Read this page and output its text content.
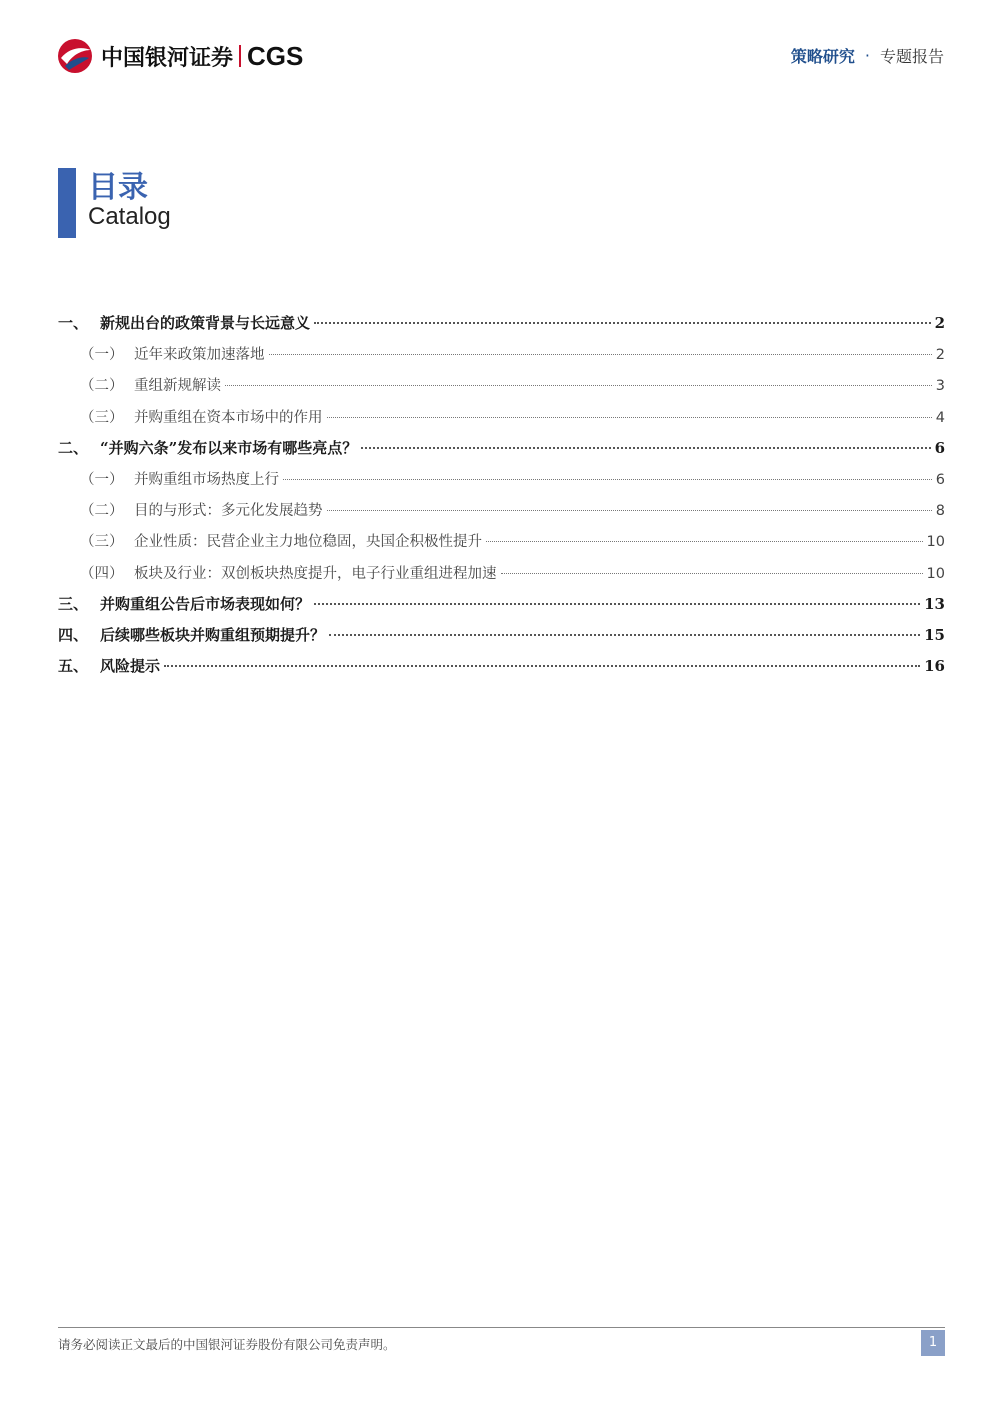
中国银河证券 CGS	策略研究 · 专题报告
目录
Catalog
一、 新规出台的政策背景与长远意义	2
（一） 近年来政策加速落地	2
（二） 重组新规解读	3
（三） 并购重组在资本市场中的作用	4
二、 “并购六条”发布以来市场有哪些亮点？	6
（一） 并购重组市场热度上行	6
（二） 目的与形式：多元化发展趋势	8
（三） 企业性质：民营企业主力地位稳固，央国企积极性提升	10
（四） 板块及行业：双创板块热度提升，电子行业重组进程加速	10
三、 并购重组公告后市场表现如何？	13
四、 后续哪些板块并购重组预期提升？	15
五、 风险提示	16
请务必阅读正文最后的中国银河证券股份有限公司免责声明。	1
